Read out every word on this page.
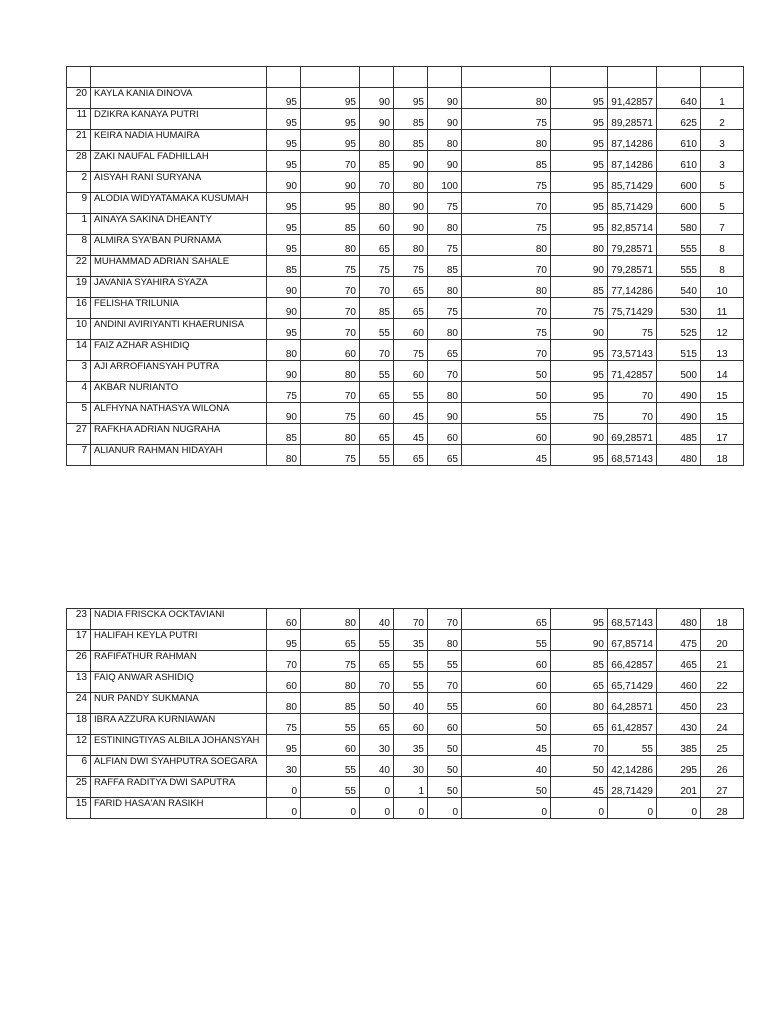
20	KAYLA KANIA DINOVA	95	95	90	95	90	80	95	91,42857	640	1
11	DZIKRA KANAYA PUTRI	95	95	90	85	90	75	95	89,28571	625	2
21	KEIRA NADIA HUMAIRA	95	95	80	85	80	80	95	87,14286	610	3
28	ZAKI NAUFAL FADHILLAH	95	70	85	90	90	85	95	87,14286	610	3
2	AISYAH RANI SURYANA	90	90	70	80	100	75	95	85,71429	600	5
9	ALODIA WIDYATAMAKA KUSUMAH	95	95	80	90	75	70	95	85,71429	600	5
1	AINAYA SAKINA DHEANTY	95	85	60	90	80	75	95	82,85714	580	7
8	ALMIRA SYA'BAN PURNAMA	95	80	65	80	75	80	80	79,28571	555	8
22	MUHAMMAD ADRIAN SAHALE	85	75	75	75	85	70	90	79,28571	555	8
19	JAVANIA SYAHIRA SYAZA	90	70	70	65	80	80	85	77,14286	540	10
16	FELISHA TRILUNIA	90	70	85	65	75	70	75	75,71429	530	11
10	ANDINI AVIRIYANTI KHAERUNISA	95	70	55	60	80	75	90	75	525	12
14	FAIZ AZHAR ASHIDIQ	80	60	70	75	65	70	95	73,57143	515	13
3	AJI ARROFIANSYAH PUTRA	90	80	55	60	70	50	95	71,42857	500	14
4	AKBAR NURIANTO	75	70	65	55	80	50	95	70	490	15
5	ALFHYNA NATHASYA WILONA	90	75	60	45	90	55	75	70	490	15
27	RAFKHA ADRIAN NUGRAHA	85	80	65	45	60	60	90	69,28571	485	17
7	ALIANUR RAHMAN HIDAYAH	80	75	55	65	65	45	95	68,57143	480	18
23	NADIA FRISCKA OCKTAVIANI	60	80	40	70	70	65	95	68,57143	480	18
17	HALIFAH KEYLA PUTRI	95	65	55	35	80	55	90	67,85714	475	20
26	RAFIFATHUR RAHMAN	70	75	65	55	55	60	85	66,42857	465	21
13	FAIQ ANWAR ASHIDIQ	60	80	70	55	70	60	65	65,71429	460	22
24	NUR PANDY SUKMANA	80	85	50	40	55	60	80	64,28571	450	23
18	IBRA AZZURA KURNIAWAN	75	55	65	60	60	50	65	61,42857	430	24
12	ESTININGTIYAS ALBILA JOHANSYAH	95	60	30	35	50	45	70	55	385	25
6	ALFIAN DWI SYAHPUTRA SOEGARA	30	55	40	30	50	40	50	42,14286	295	26
25	RAFFA RADITYA DWI SAPUTRA	0	55	0	1	50	50	45	28,71429	201	27
15	FARID HASA'AN RASIKH	0	0	0	0	0	0	0	0	0	28
